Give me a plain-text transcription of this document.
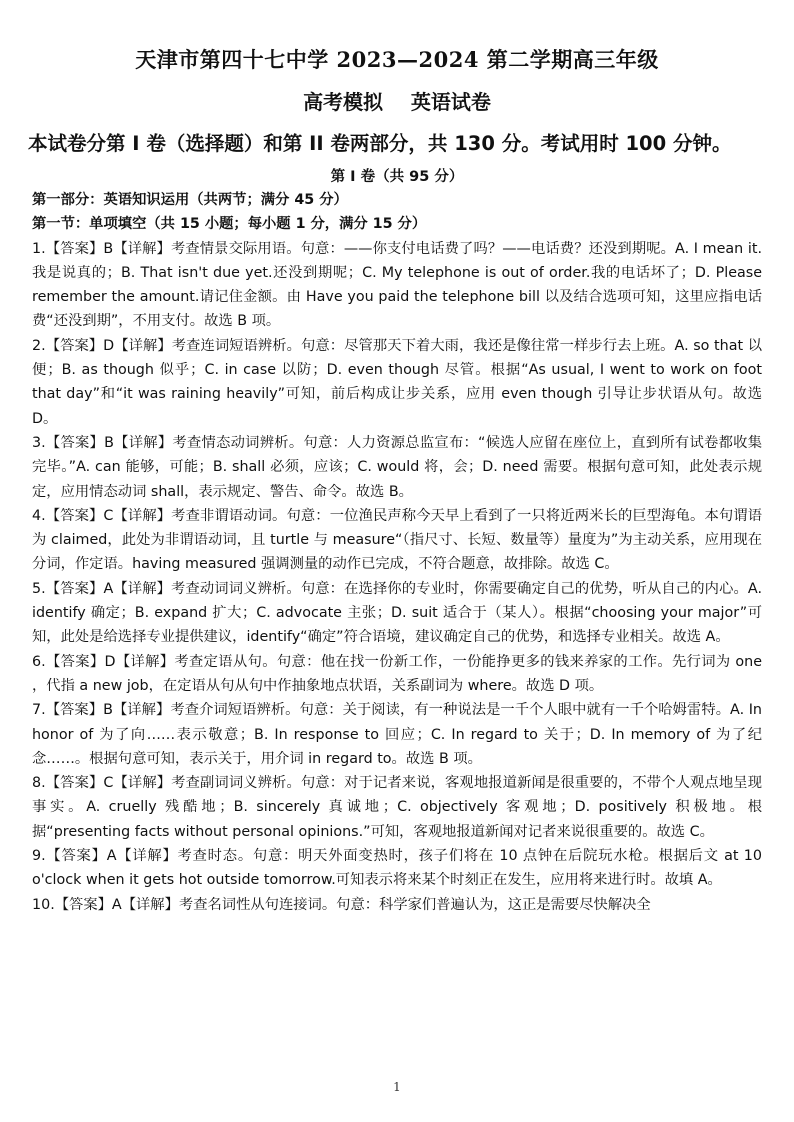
天津市第四十七中学 2023—2024 第二学期高三年级
高考模拟    英语试卷
本试卷分第 I 卷（选择题）和第 II 卷两部分，共 130 分。考试用时 100 分钟。
第 I 卷（共 95 分）

第一部分：英语知识运用（共两节；满分 45 分）

第一节：单项填空（共 15 小题；每小题 1 分，满分 15 分）

1.【答案】B【详解】考查情景交际用语。句意：——你支付电话费了吗？——电话费？还没到期呢。A. I mean it.我是说真的；B. That isn't due yet.还没到期呢；C. My telephone is out of order.我的电话坏了；D. Please remember the amount.请记住金额。由 Have you paid the telephone bill 以及结合选项可知，这里应指电话费“还没到期”，不用支付。故选 B 项。

2.【答案】D【详解】考查连词短语辨析。句意：尽管那天下着大雨，我还是像往常一样步行去上班。A. so that 以便；B. as though 似乎；C. in case 以防；D. even though 尽管。根据“As usual, I went to work on foot that day”和“it was raining heavily”可知，前后构成让步关系，应用 even though 引导让步状语从句。故选 D。

3.【答案】B【详解】考查情态动词辨析。句意：人力资源总监宣布：“候选人应留在座位上，直到所有试卷都收集完毕。”A. can 能够，可能；B. shall 必须，应该；C. would 将，会；D. need 需要。根据句意可知，此处表示规定，应用情态动词 shall，表示规定、警告、命令。故选 B。

4.【答案】C【详解】考查非谓语动词。句意：一位渔民声称今天早上看到了一只将近两米长的巨型海龟。本句谓语为 claimed，此处为非谓语动词，且 turtle 与 measure“（指尺寸、长短、数量等）量度为”为主动关系，应用现在分词，作定语。having measured 强调测量的动作已完成，不符合题意，故排除。故选 C。

5.【答案】A【详解】考查动词词义辨析。句意：在选择你的专业时，你需要确定自己的优势，听从自己的内心。A. identify 确定；B. expand 扩大；C. advocate 主张；D. suit 适合于（某人）。根据“choosing your major”可知，此处是给选择专业提供建议，identify“确定”符合语境，建议确定自己的优势，和选择专业相关。故选 A。

6.【答案】D【详解】考查定语从句。句意：他在找一份新工作，一份能挣更多的钱来养家的工作。先行词为 one ，代指 a new job，在定语从句从句中作抽象地点状语，关系副词为 where。故选 D 项。

7.【答案】B【详解】考查介词短语辨析。句意：关于阅读，有一种说法是一千个人眼中就有一千个哈姆雷特。A. In honor of 为了向……表示敬意；B. In response to 回应；C. In regard to 关于；D. In memory of 为了纪念……。根据句意可知，表示关于，用介词 in regard to。故选 B 项。

8.【答案】C【详解】考查副词词义辨析。句意：对于记者来说，客观地报道新闻是很重要的，不带个人观点地呈现事实。A. cruelly 残酷地；B. sincerely 真诚地；C. objectively 客观地；D. positively 积极地。根据“presenting facts without personal opinions.”可知，客观地报道新闻对记者来说很重要的。故选 C。

9.【答案】A【详解】考查时态。句意：明天外面变热时，孩子们将在 10 点钟在后院玩水枪。根据后文 at 10 o'clock when it gets hot outside tomorrow.可知表示将来某个时刻正在发生，应用将来进行时。故填 A。

10.【答案】A【详解】考查名词性从句连接词。句意：科学家们普遍认为，这正是需要尽快解决全

1
